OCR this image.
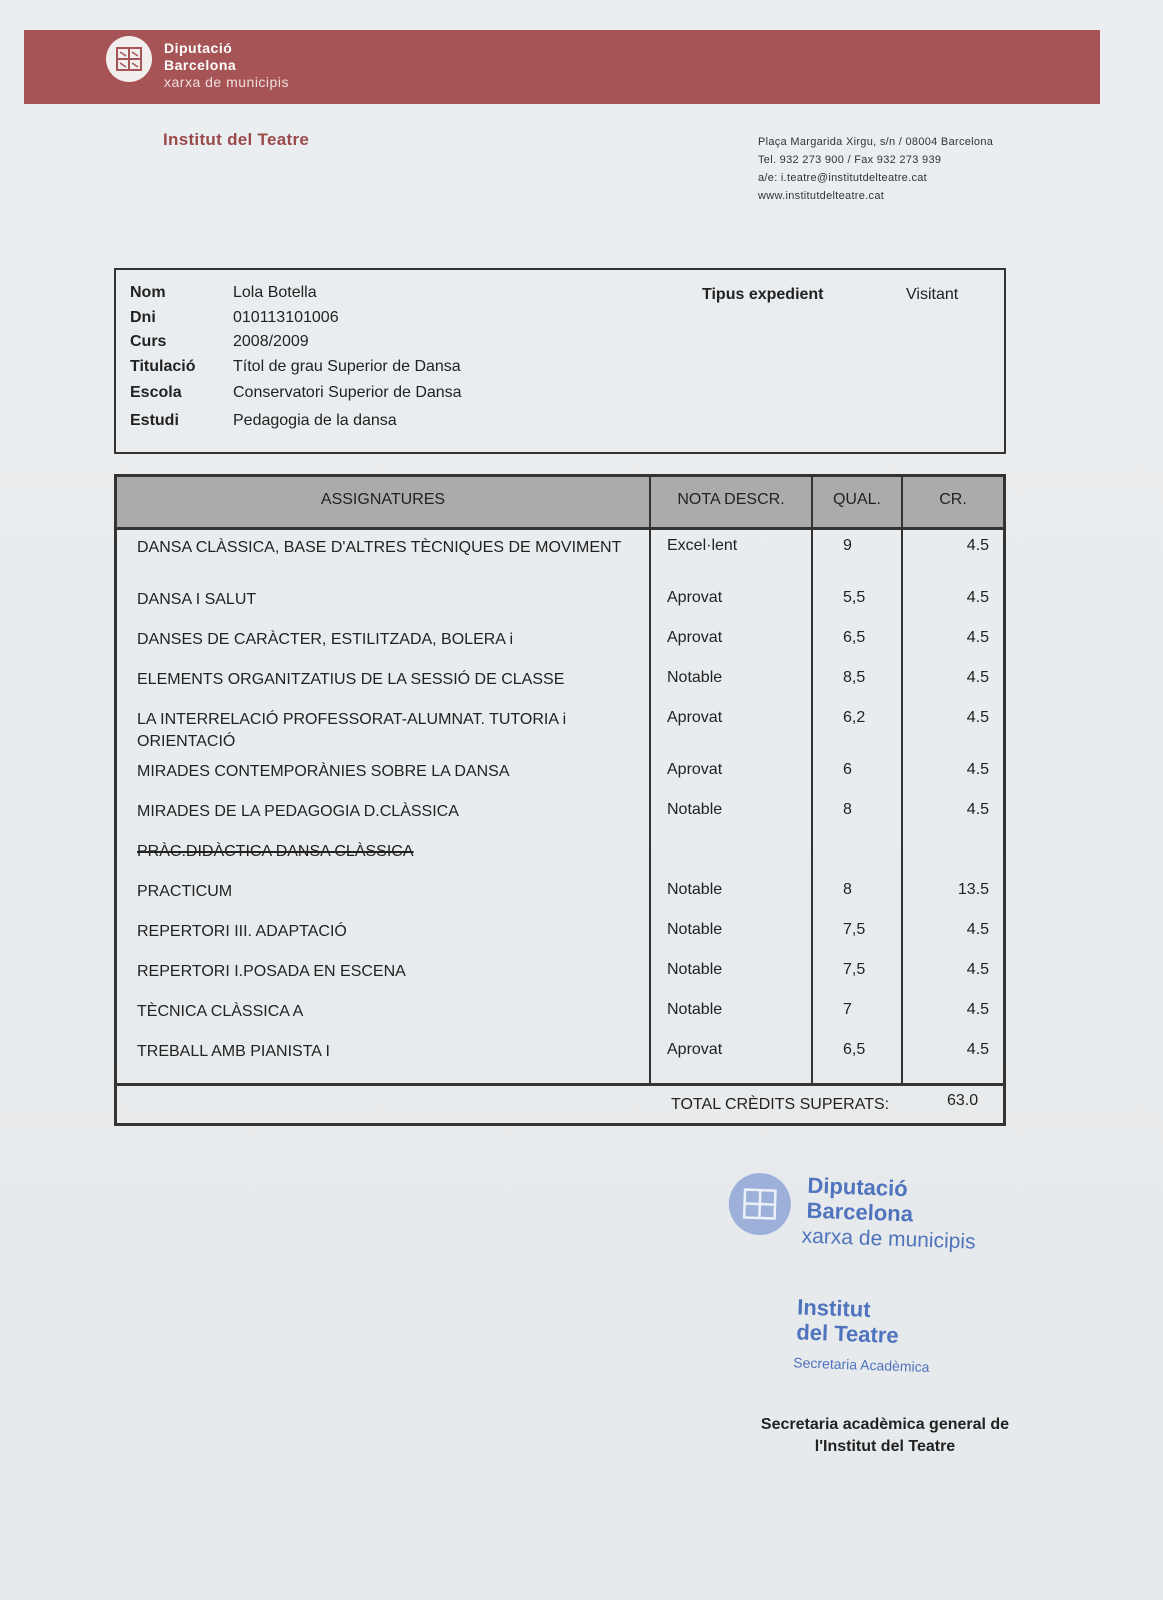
Diputació
Barcelona
xarxa de municipis
Institut del Teatre	Plaça Margarida Xirgu, s/n / 08004 Barcelona
Tel. 932 273 900 / Fax 932 273 939
a/e: i.teatre@institutdelteatre.cat
www.institutdelteatre.cat
Nom	Lola Botella
Dni	010113101006
Curs	2008/2009
Titulació Títol de grau Superior de Dansa
Escola	Conservatori Superior de Dansa
Estudi	Pedagogia de la dansa
Tipus expedient	Visitant
ASSIGNATURES	NOTA DESCR.	QUAL.	CR.
DANSA CLÀSSICA, BASE D'ALTRES TÈCNIQUES DE MOVIMENT	Excel·lent	9	4.5
DANSA I SALUT	Aprovat	5,5	4.5
DANSES DE CARÀCTER, ESTILITZADA, BOLERA i	Aprovat	6,5	4.5
ELEMENTS ORGANITZATIUS DE LA SESSIÓ DE CLASSE	Notable	8,5	4.5
LA INTERRELACIÓ PROFESSORAT-ALUMNAT. TUTORIA i ORIENTACIÓ
Aprovat	6,2	4.5
MIRADES CONTEMPORÀNIES SOBRE LA DANSA	Aprovat	6	4.5
MIRADES DE LA PEDAGOGIA D.CLÀSSICA	Notable	8	4.5
PRÀC.DIDÀCTICA DANSA CLÀSSICA
PRACTICUM	Notable	8	13.5
REPERTORI III. ADAPTACIÓ	Notable	7,5	4.5
REPERTORI I.POSADA EN ESCENA	Notable	7,5	4.5
TÈCNICA CLÀSSICA A	Notable	7	4.5
TREBALL AMB PIANISTA I	Aprovat	6,5	4.5
TOTAL CRÈDITS SUPERATS:	63.0
Diputació
Barcelona
xarxa de municipis
Institut
del Teatre
Secretaria Acadèmica
Secretaria acadèmica general de
l'Institut del Teatre
